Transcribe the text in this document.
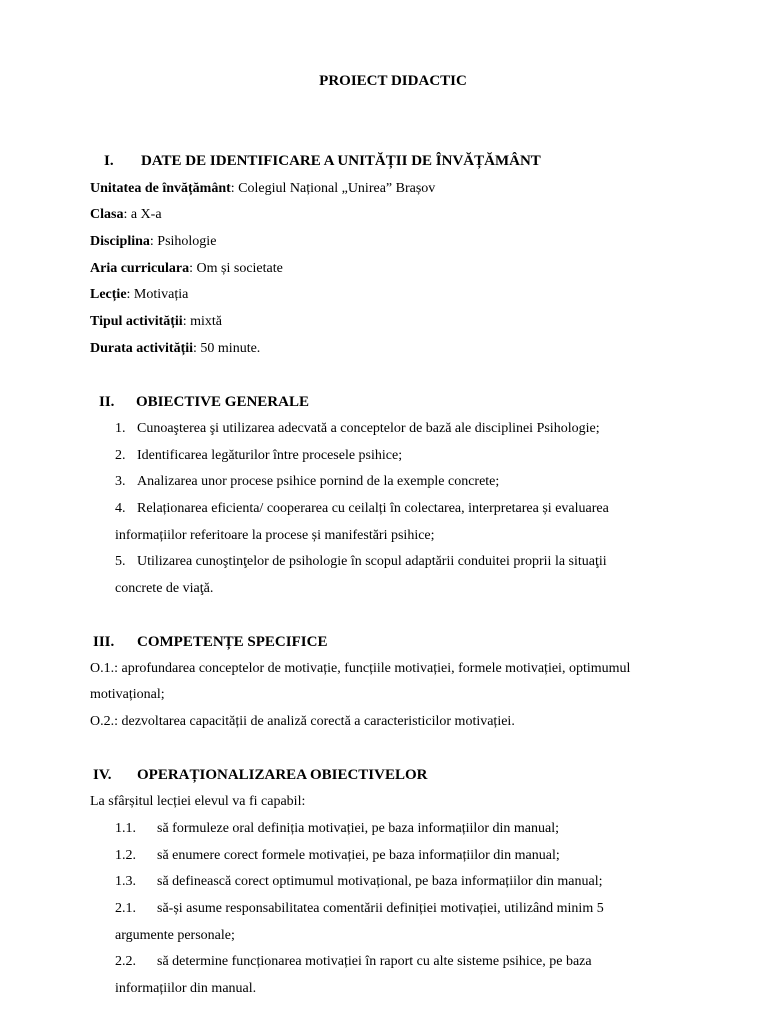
PROIECT DIDACTIC
I. DATE DE IDENTIFICARE A UNITĂȚII DE ÎNVĂȚĂMÂNT
Unitatea de învățământ: Colegiul Național „Unirea” Brașov
Clasa: a X-a
Disciplina: Psihologie
Aria curriculara: Om și societate
Lecție: Motivația
Tipul activității: mixtă
Durata activității: 50 minute.
II. OBIECTIVE GENERALE
1. Cunoaşterea şi utilizarea adecvată a conceptelor de bază ale disciplinei Psihologie;
2. Identificarea legăturilor între procesele psihice;
3. Analizarea unor procese psihice pornind de la exemple concrete;
4. Relaționarea eficienta/ cooperarea cu ceilalți în colectarea, interpretarea și evaluarea
informațiilor referitoare la procese și manifestări psihice;
5. Utilizarea cunoştinţelor de psihologie în scopul adaptării conduitei proprii la situaţii
concrete de viaţă.
III. COMPETENȚE SPECIFICE
O.1.: aprofundarea conceptelor de motivație, funcțiile motivației, formele motivației, optimumul
motivațional;
O.2.: dezvoltarea capacității de analiză corectă a caracteristicilor motivației.
IV. OPERAȚIONALIZAREA OBIECTIVELOR
La sfârșitul lecției elevul va fi capabil:
1.1. să formuleze oral definiția motivației, pe baza informațiilor din manual;
1.2. să enumere corect formele motivației, pe baza informațiilor din manual;
1.3. să definească corect optimumul motivațional, pe baza informațiilor din manual;
2.1. să-și asume responsabilitatea comentării definiției motivației, utilizând minim 5
argumente personale;
2.2. să determine funcționarea motivației în raport cu alte sisteme psihice, pe baza
informațiilor din manual.
